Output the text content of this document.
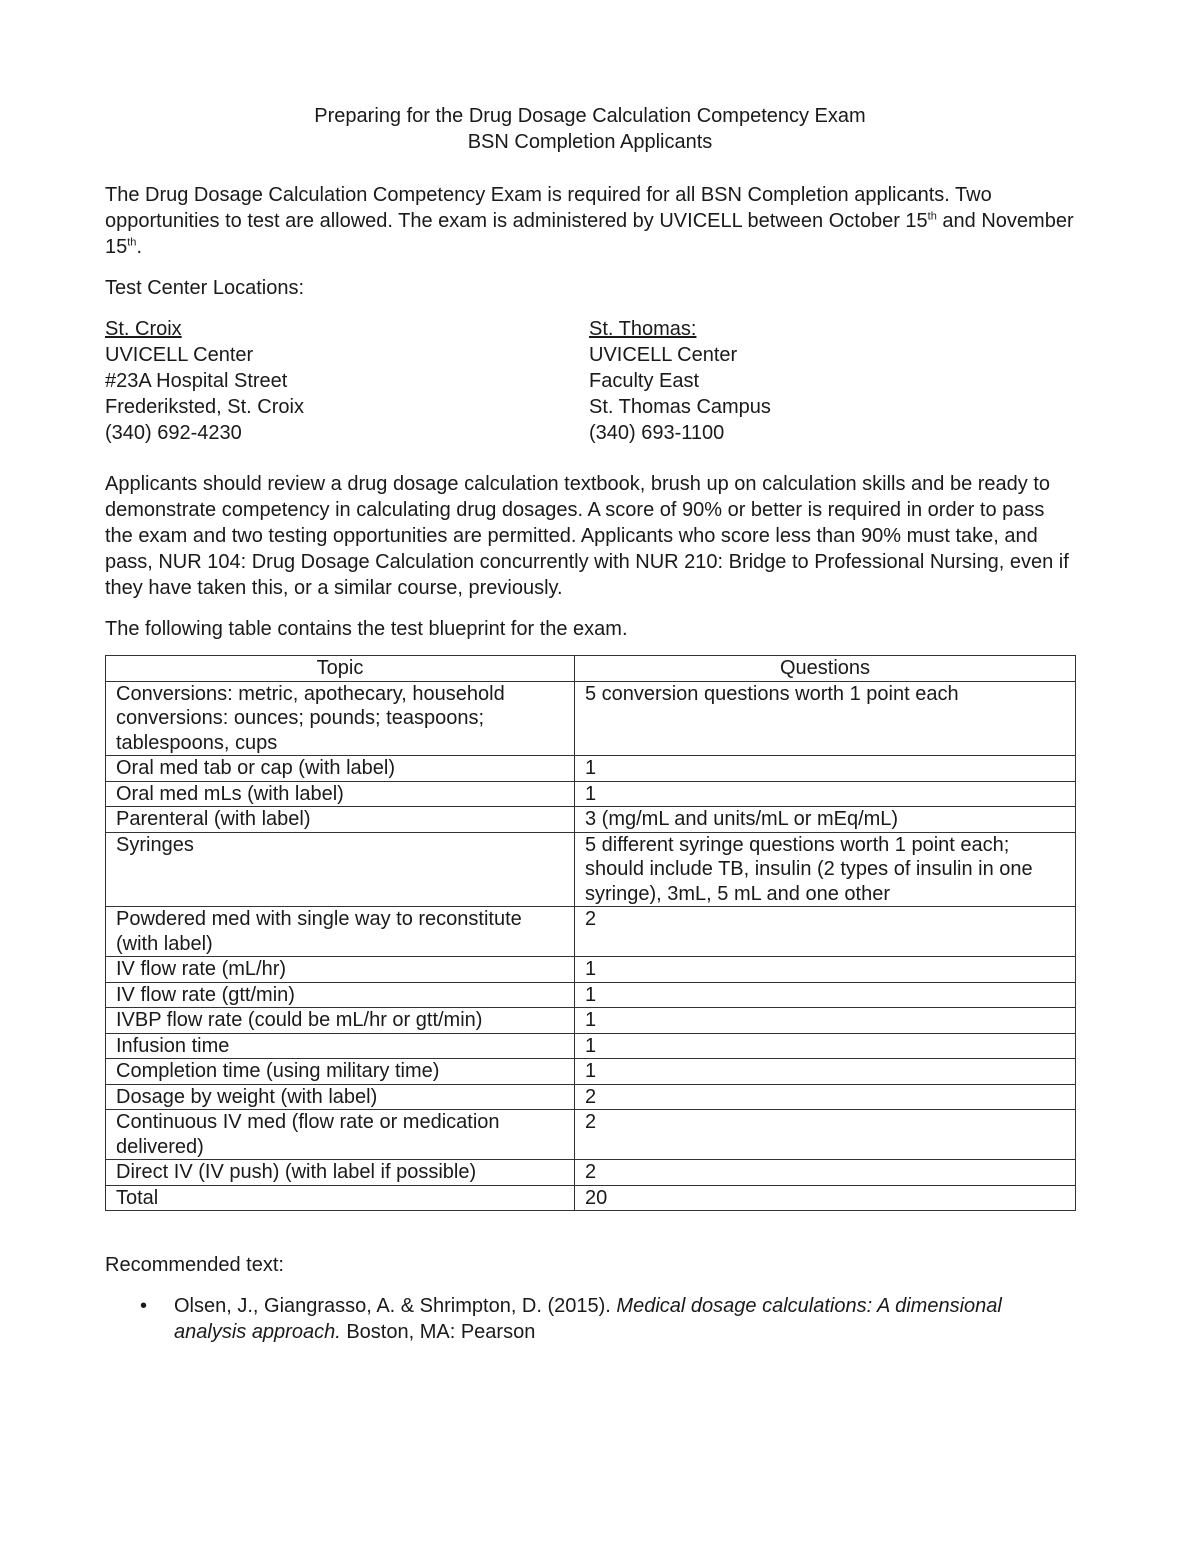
Preparing for the Drug Dosage Calculation Competency Exam
BSN Completion Applicants

The Drug Dosage Calculation Competency Exam is required for all BSN Completion applicants. Two opportunities to test are allowed. The exam is administered by UVICELL between October 15th and November 15th.

Test Center Locations:

St. Croix
UVICELL Center
#23A Hospital Street
Frederiksted, St. Croix
(340) 692-4230
St. Thomas:
UVICELL Center
Faculty East
St. Thomas Campus
(340) 693-1100

Applicants should review a drug dosage calculation textbook, brush up on calculation skills and be ready to demonstrate competency in calculating drug dosages. A score of 90% or better is required in order to pass the exam and two testing opportunities are permitted. Applicants who score less than 90% must take, and pass, NUR 104: Drug Dosage Calculation concurrently with NUR 210: Bridge to Professional Nursing, even if they have taken this, or a similar course, previously.

The following table contains the test blueprint for the exam.

Topic	Questions
Conversions: metric, apothecary, household conversions: ounces; pounds; teaspoons; tablespoons, cups	5 conversion questions worth 1 point each
Oral med tab or cap (with label)	1
Oral med mLs (with label)	1
Parenteral (with label)	3 (mg/mL and units/mL or mEq/mL)
Syringes	5 different syringe questions worth 1 point each; should include TB, insulin (2 types of insulin in one syringe), 3mL, 5 mL and one other
Powdered med with single way to reconstitute (with label)	2
IV flow rate (mL/hr)	1
IV flow rate (gtt/min)	1
IVBP flow rate (could be mL/hr or gtt/min)	1
Infusion time	1
Completion time (using military time)	1
Dosage by weight (with label)	2
Continuous IV med (flow rate or medication delivered)	2
Direct IV (IV push) (with label if possible)	2
Total	20

Recommended text:

• Olsen, J., Giangrasso, A. & Shrimpton, D. (2015). Medical dosage calculations: A dimensional analysis approach. Boston, MA: Pearson
